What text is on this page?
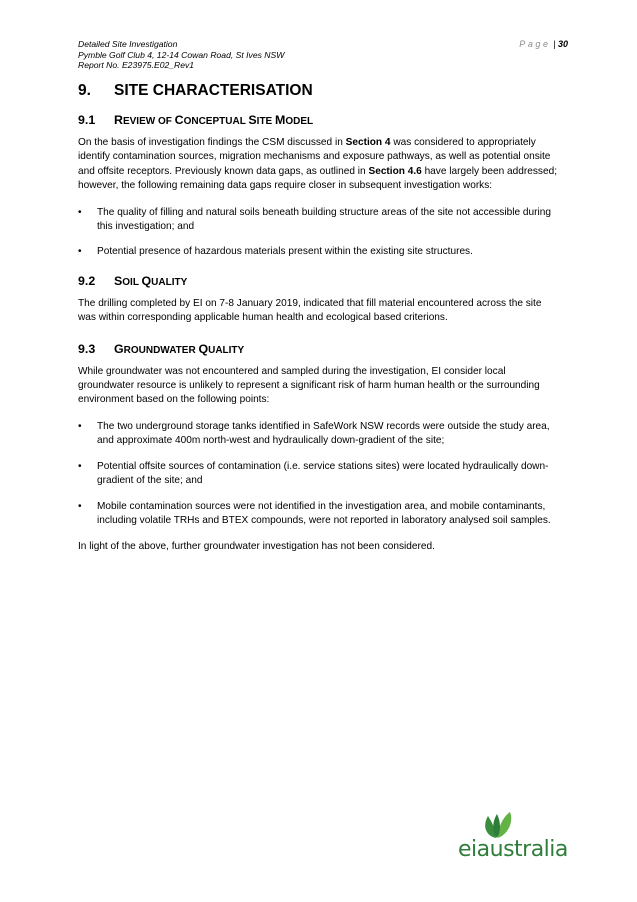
Detailed Site Investigation
Pymble Golf Club 4, 12-14 Cowan Road, St Ives NSW
Report No. E23975.E02_Rev1
Page | 30
9. SITE CHARACTERISATION
9.1 REVIEW OF CONCEPTUAL SITE MODEL

On the basis of investigation findings the CSM discussed in Section 4 was considered to appropriately identify contamination sources, migration mechanisms and exposure pathways, as well as potential onsite and offsite receptors. Previously known data gaps, as outlined in Section 4.6 have largely been addressed; however, the following remaining data gaps require closer in subsequent investigation works:

• The quality of filling and natural soils beneath building structure areas of the site not accessible during this investigation; and
• Potential presence of hazardous materials present within the existing site structures.
9.2 SOIL QUALITY

The drilling completed by EI on 7-8 January 2019, indicated that fill material encountered across the site was within corresponding applicable human health and ecological based criterions.

9.3 GROUNDWATER QUALITY

While groundwater was not encountered and sampled during the investigation, EI consider local groundwater resource is unlikely to represent a significant risk of harm human health or the surrounding environment based on the following points:

• The two underground storage tanks identified in SafeWork NSW records were outside the study area, and approximate 400m north-west and hydraulically down-gradient of the site;
• Potential offsite sources of contamination (i.e. service stations sites) were located hydraulically down-gradient of the site; and
• Mobile contamination sources were not identified in the investigation area, and mobile contaminants, including volatile TRHs and BTEX compounds, were not reported in laboratory analysed soil samples.

In light of the above, further groundwater investigation has not been considered.

eiaustralia
